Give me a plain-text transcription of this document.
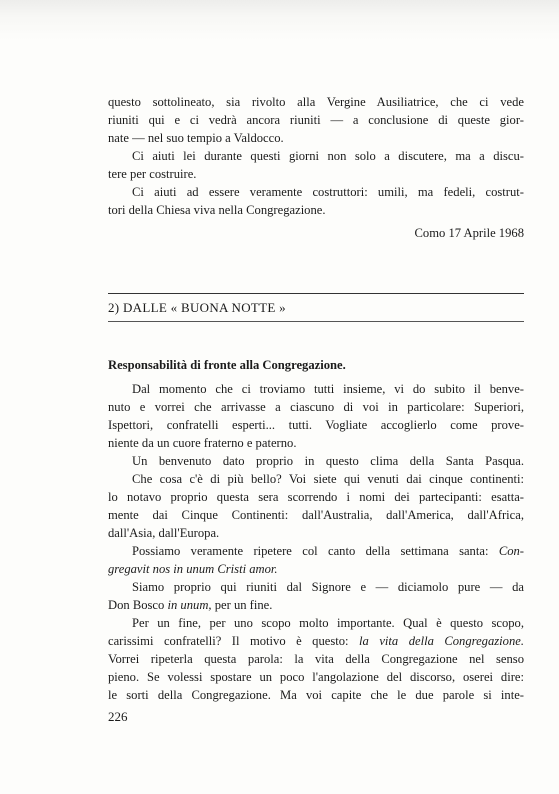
questo sottolineato, sia rivolto alla Vergine Ausiliatrice, che ci vede
riuniti qui e ci vedrà ancora riuniti — a conclusione di queste gior-
nate — nel suo tempio a Valdocco.
Ci aiuti lei durante questi giorni non solo a discutere, ma a discu-
tere per costruire.
Ci aiuti ad essere veramente costruttori: umili, ma fedeli, costrut-
tori della Chiesa viva nella Congregazione.
Como 17 Aprile 1968
2) DALLE « BUONA NOTTE »
Responsabilità di fronte alla Congregazione.
Dal momento che ci troviamo tutti insieme, vi do subito il benve-
nuto e vorrei che arrivasse a ciascuno di voi in particolare: Superiori,
Ispettori, confratelli esperti... tutti. Vogliate accoglierlo come prove-
niente da un cuore fraterno e paterno.
Un benvenuto dato proprio in questo clima della Santa Pasqua.
Che cosa c'è di più bello? Voi siete qui venuti dai cinque continenti:
lo notavo proprio questa sera scorrendo i nomi dei partecipanti: esatta-
mente dai Cinque Continenti: dall'Australia, dall'America, dall'Africa,
dall'Asia, dall'Europa.
Possiamo veramente ripetere col canto della settimana santa: Con-
gregavit nos in unum Cristi amor.
Siamo proprio qui riuniti dal Signore e — diciamolo pure — da
Don Bosco in unum, per un fine.
Per un fine, per uno scopo molto importante. Qual è questo scopo,
carissimi confratelli? Il motivo è questo: la vita della Congregazione.
Vorrei ripeterla questa parola: la vita della Congregazione nel senso
pieno. Se volessi spostare un poco l'angolazione del discorso, oserei dire:
le sorti della Congregazione. Ma voi capite che le due parole si inte-
226
